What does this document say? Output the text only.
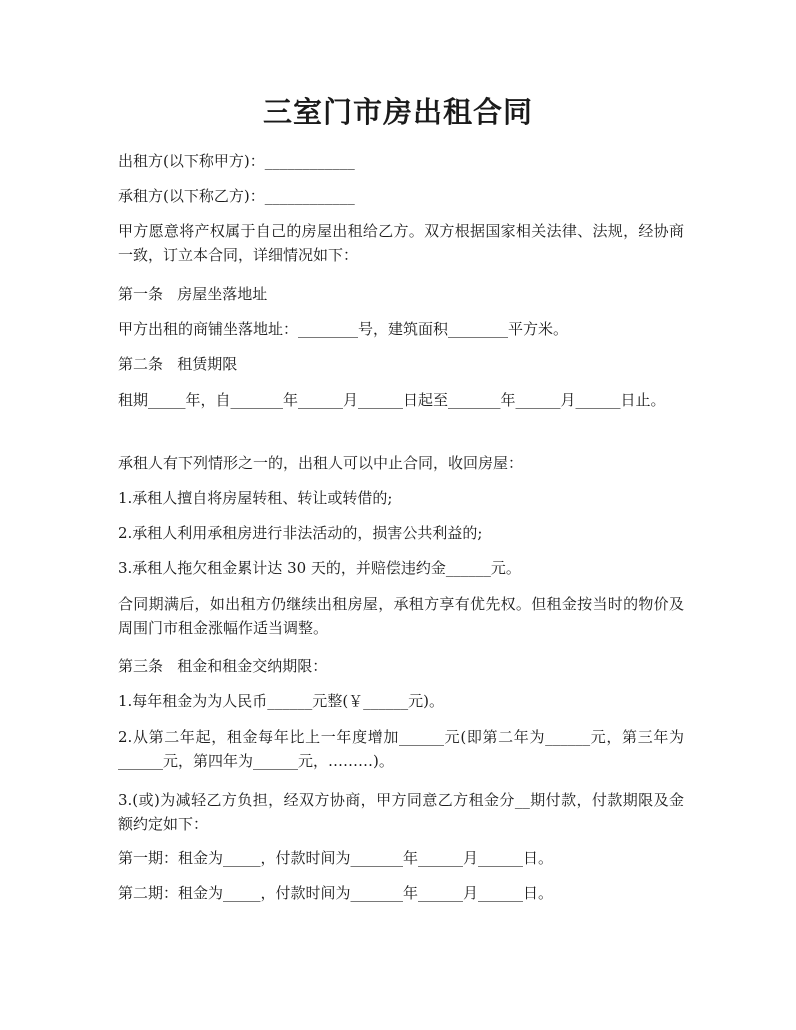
三室门市房出租合同

出租方(以下称甲方)：____________

承租方(以下称乙方)：____________

甲方愿意将产权属于自己的房屋出租给乙方。双方根据国家相关法律、法规，经协商一致，订立本合同，详细情况如下：

第一条   房屋坐落地址

甲方出租的商铺坐落地址：________号，建筑面积________平方米。

第二条   租赁期限

租期_____年，自_______年______月______日起至_______年______月______日止。

承租人有下列情形之一的，出租人可以中止合同，收回房屋：

1.承租人擅自将房屋转租、转让或转借的;

2.承租人利用承租房进行非法活动的，损害公共利益的;

3.承租人拖欠租金累计达 30 天的，并赔偿违约金______元。

合同期满后，如出租方仍继续出租房屋，承租方享有优先权。但租金按当时的物价及周围门市租金涨幅作适当调整。

第三条   租金和租金交纳期限：

1.每年租金为为人民币______元整(￥______元)。

2.从第二年起，租金每年比上一年度增加______元(即第二年为______元，第三年为______元，第四年为______元，………)。

3.(或)为减轻乙方负担，经双方协商，甲方同意乙方租金分__期付款，付款期限及金额约定如下：

第一期：租金为_____，付款时间为_______年______月______日。

第二期：租金为_____，付款时间为_______年______月______日。
